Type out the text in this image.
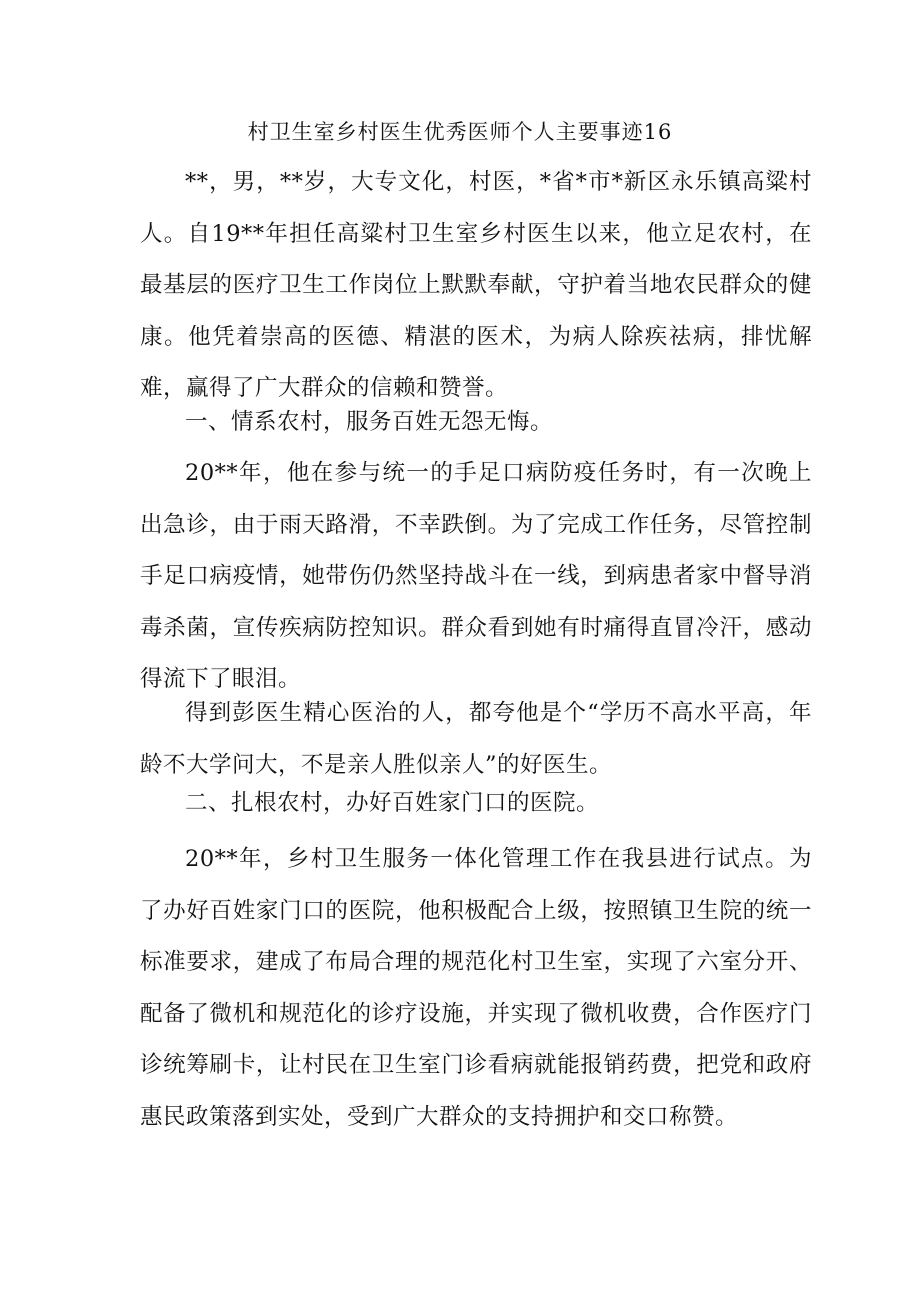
村卫生室乡村医生优秀医师个人主要事迹16
**，男，**岁，大专文化，村医，*省*市*新区永乐镇高粱村人。自19**年担任高粱村卫生室乡村医生以来，他立足农村，在最基层的医疗卫生工作岗位上默默奉献，守护着当地农民群众的健康。他凭着崇高的医德、精湛的医术，为病人除疾祛病，排忧解难，赢得了广大群众的信赖和赞誉。
一、情系农村，服务百姓无怨无悔。
20**年，他在参与统一的手足口病防疫任务时，有一次晚上出急诊，由于雨天路滑，不幸跌倒。为了完成工作任务，尽管控制手足口病疫情，她带伤仍然坚持战斗在一线，到病患者家中督导消毒杀菌，宣传疾病防控知识。群众看到她有时痛得直冒冷汗，感动得流下了眼泪。
得到彭医生精心医治的人，都夸他是个“学历不高水平高，年龄不大学问大，不是亲人胜似亲人”的好医生。
二、扎根农村，办好百姓家门口的医院。
20**年，乡村卫生服务一体化管理工作在我县进行试点。为了办好百姓家门口的医院，他积极配合上级，按照镇卫生院的统一标准要求，建成了布局合理的规范化村卫生室，实现了六室分开、配备了微机和规范化的诊疗设施，并实现了微机收费，合作医疗门诊统筹刷卡，让村民在卫生室门诊看病就能报销药费，把党和政府惠民政策落到实处，受到广大群众的支持拥护和交口称赞。
